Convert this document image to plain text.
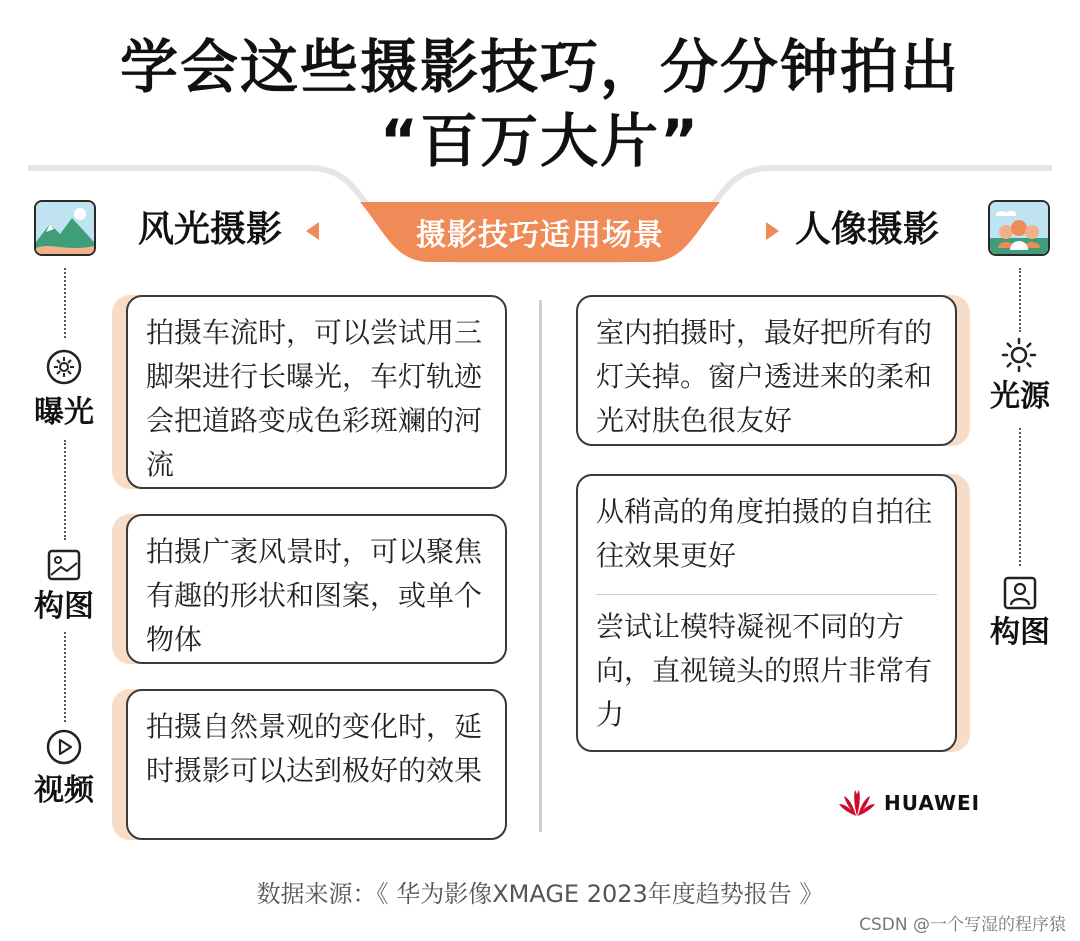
学会这些摄影技巧，分分钟拍出
“百万大片”
摄影技巧适用场景
风光摄影	人像摄影
曝光
构图
视频
光源
构图

拍摄车流时，可以尝试用三脚架进行长曝光，车灯轨迹会把道路变成色彩斑斓的河流

拍摄广袤风景时，可以聚焦有趣的形状和图案，或单个物体

拍摄自然景观的变化时，延时摄影可以达到极好的效果

室内拍摄时，最好把所有的灯关掉。窗户透进来的柔和光对肤色很友好

从稍高的角度拍摄的自拍往往效果更好

尝试让模特凝视不同的方向，直视镜头的照片非常有力

HUAWEI
数据来源：《 华为影像XMAGE 2023年度趋势报告 》
CSDN @一个写湿的程序猿
